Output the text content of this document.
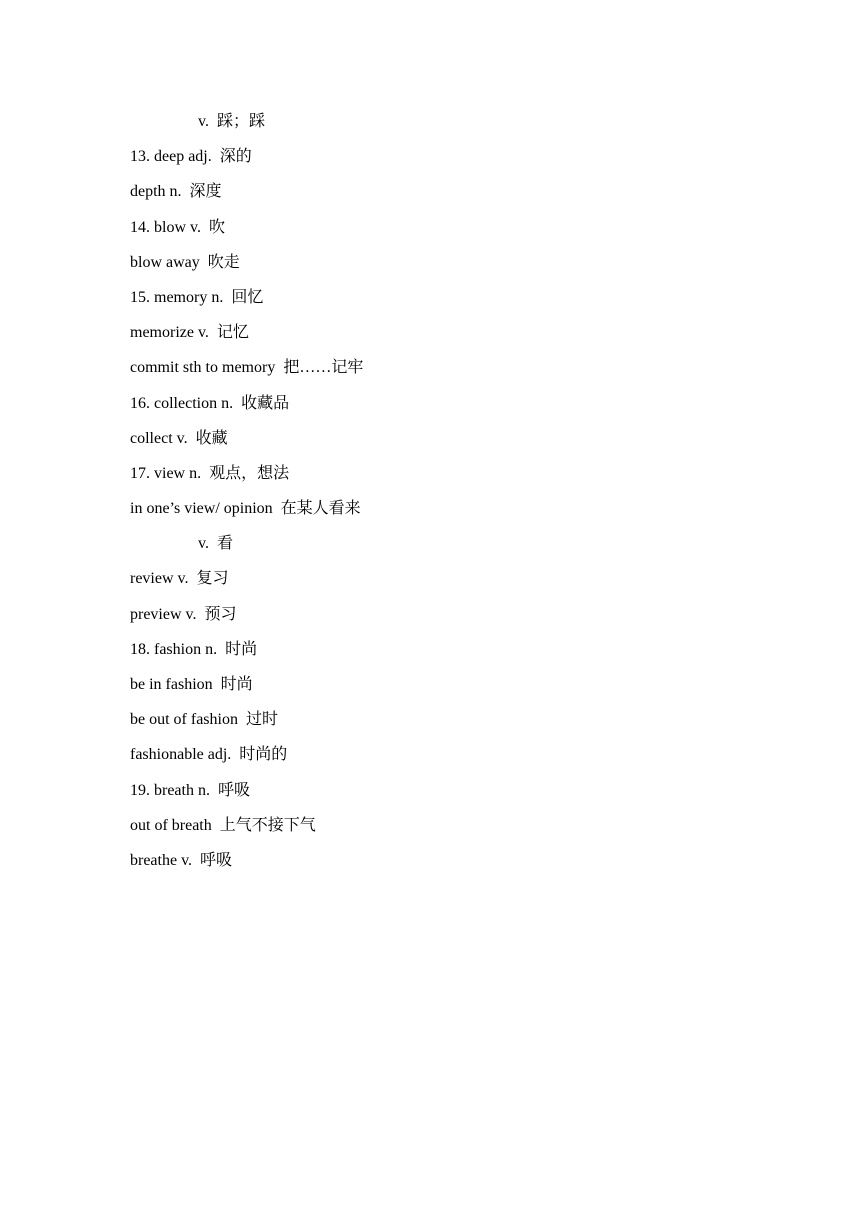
v.  踩；踩
13. deep adj.  深的
depth n.  深度
14. blow v.  吹
blow away  吹走
15. memory n.  回忆
memorize v.  记忆
commit sth to memory  把……记牢
16. collection n.  收藏品
collect v.  收藏
17. view n.  观点，想法
in one’s view/ opinion  在某人看来
v.  看
review v.  复习
preview v.  预习
18. fashion n.  时尚
be in fashion  时尚
be out of fashion  过时
fashionable adj.  时尚的
19. breath n.  呼吸
out of breath  上气不接下气
breathe v.  呼吸
